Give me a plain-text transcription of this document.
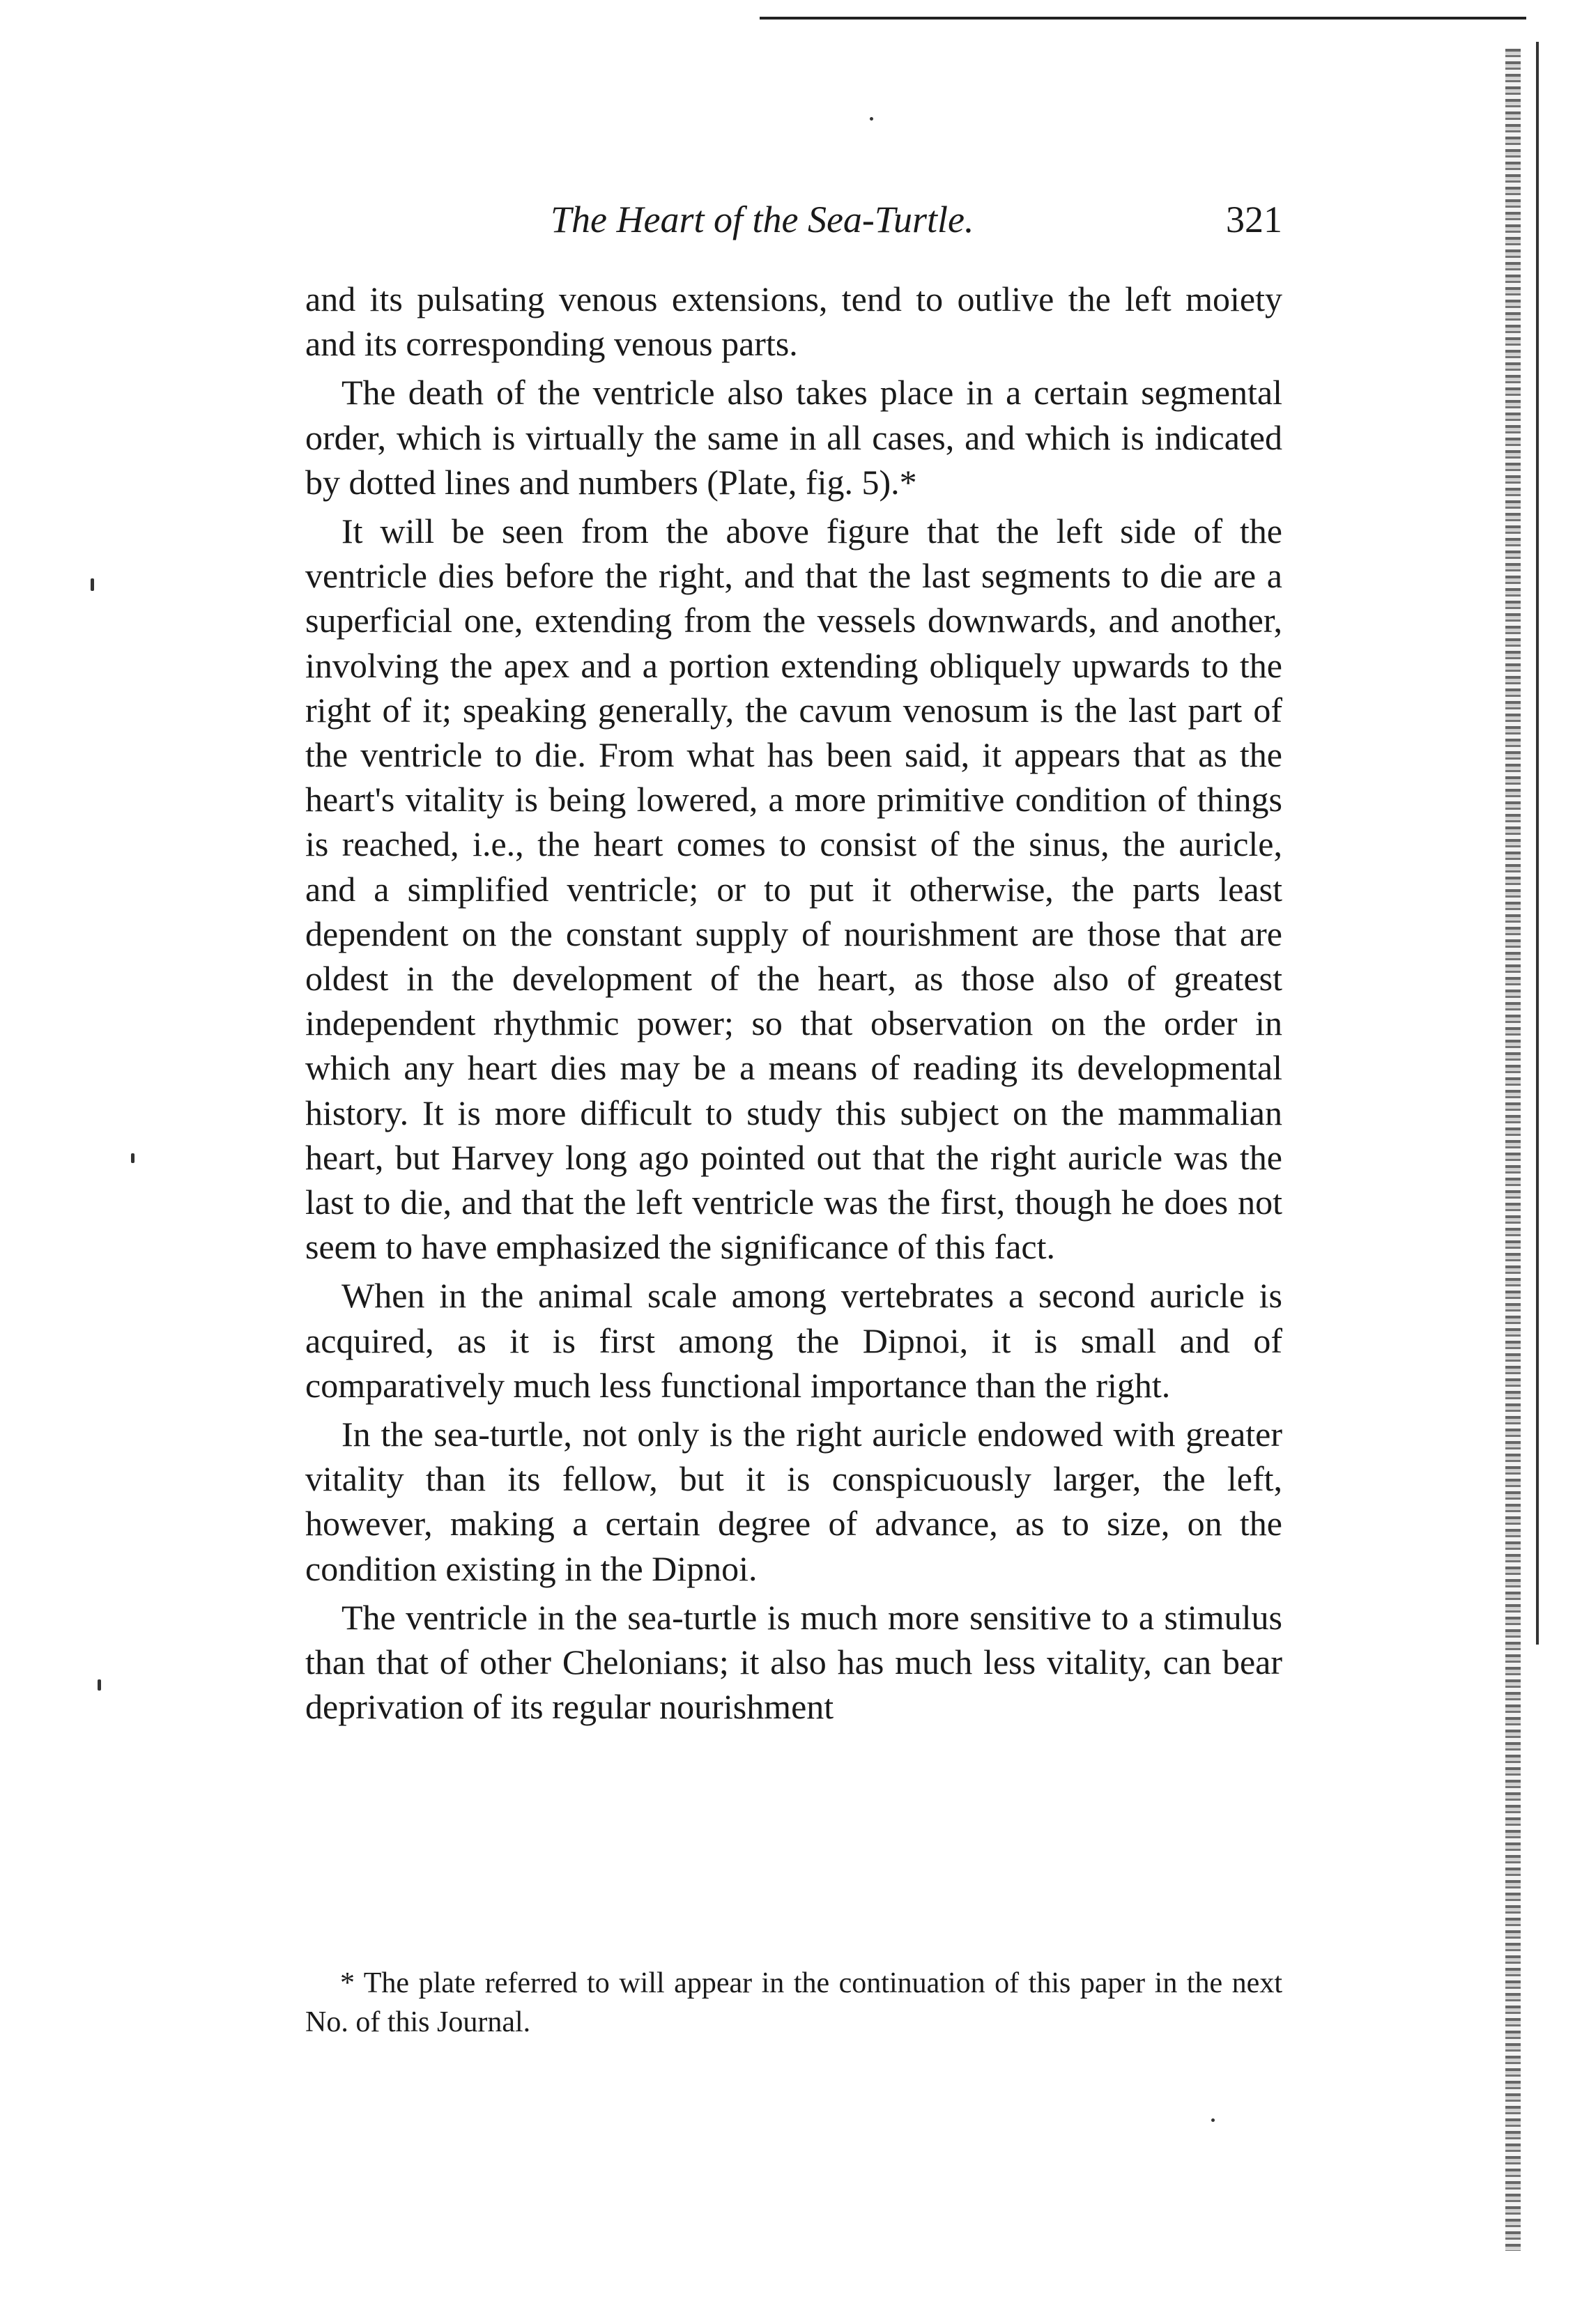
The Heart of the Sea-Turtle.	321

and its pulsating venous extensions, tend to outlive the left moiety and its corresponding venous parts.

The death of the ventricle also takes place in a certain segmental order, which is virtually the same in all cases, and which is indicated by dotted lines and numbers (Plate, fig. 5).*

It will be seen from the above figure that the left side of the ventricle dies before the right, and that the last segments to die are a superficial one, extending from the vessels downwards, and another, involving the apex and a portion extending obliquely upwards to the right of it; speaking generally, the cavum venosum is the last part of the ventricle to die. From what has been said, it appears that as the heart's vitality is being lowered, a more primitive condition of things is reached, i.e., the heart comes to consist of the sinus, the auricle, and a simplified ventricle; or to put it otherwise, the parts least dependent on the constant supply of nourishment are those that are oldest in the development of the heart, as those also of greatest independent rhythmic power; so that observation on the order in which any heart dies may be a means of reading its developmental history. It is more difficult to study this subject on the mammalian heart, but Harvey long ago pointed out that the right auricle was the last to die, and that the left ventricle was the first, though he does not seem to have emphasized the significance of this fact.

When in the animal scale among vertebrates a second auricle is acquired, as it is first among the Dipnoi, it is small and of comparatively much less functional importance than the right.

In the sea-turtle, not only is the right auricle endowed with greater vitality than its fellow, but it is conspicuously larger, the left, however, making a certain degree of advance, as to size, on the condition existing in the Dipnoi.

The ventricle in the sea-turtle is much more sensitive to a stimulus than that of other Chelonians; it also has much less vitality, can bear deprivation of its regular nourishment

* The plate referred to will appear in the continuation of this paper in the next No. of this Journal.
